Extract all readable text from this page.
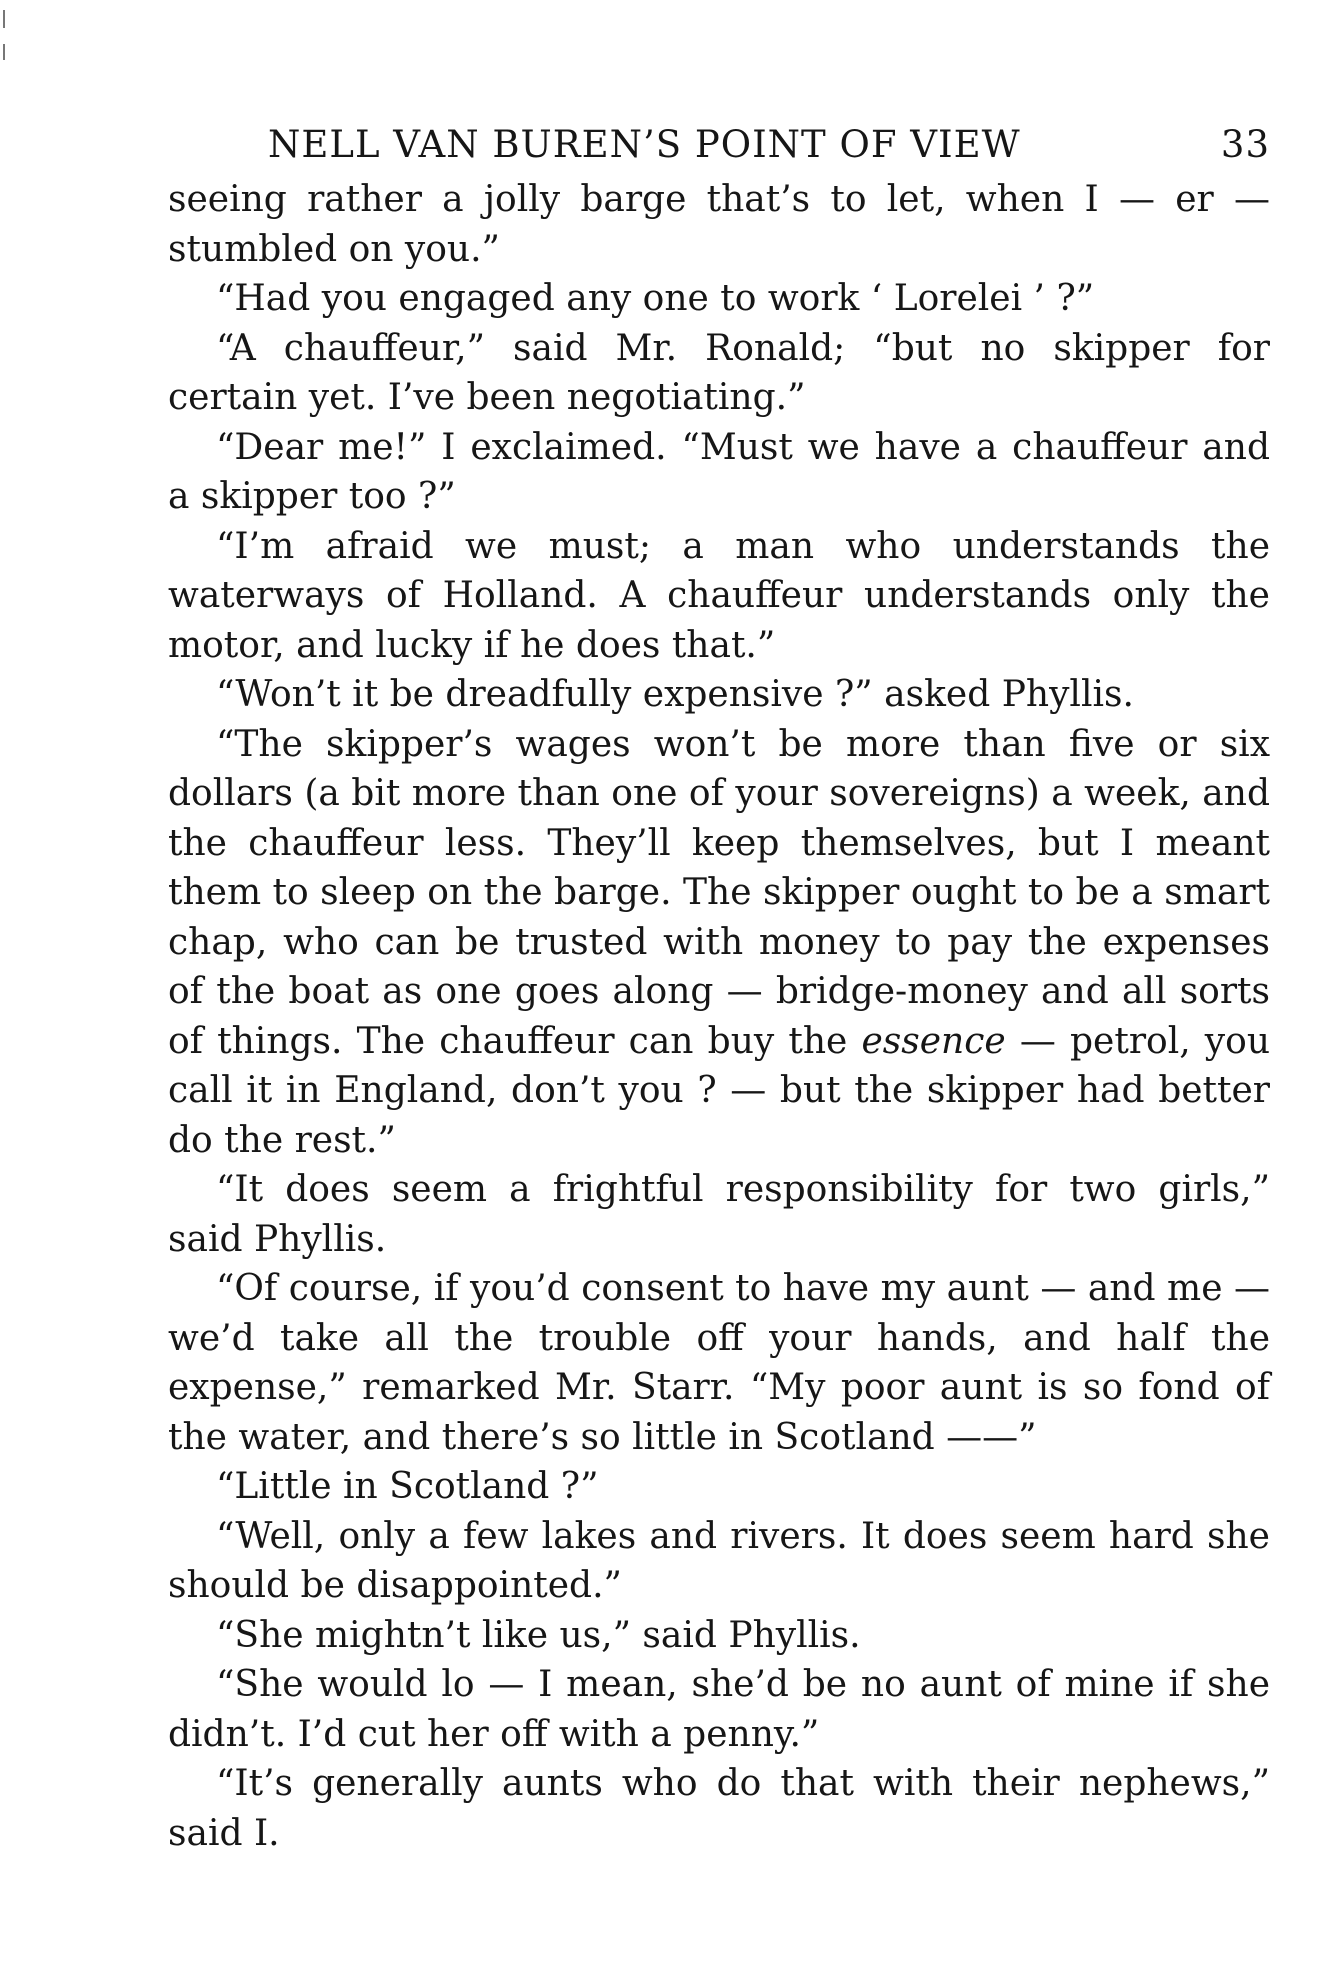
NELL VAN BUREN’S POINT OF VIEW	33

seeing rather a jolly barge that’s to let, when I — er — stumbled on you.”

“Had you engaged any one to work ‘ Lorelei ’ ?”

“A chauffeur,” said Mr. Ronald; “but no skipper for certain yet. I’ve been negotiating.”

“Dear me!” I exclaimed. “Must we have a chauffeur and a skipper too ?”

“I’m afraid we must; a man who understands the waterways of Holland. A chauffeur understands only the motor, and lucky if he does that.”

“Won’t it be dreadfully expensive ?” asked Phyllis.

“The skipper’s wages won’t be more than five or six dollars (a bit more than one of your sovereigns) a week, and the chauffeur less. They’ll keep themselves, but I meant them to sleep on the barge. The skipper ought to be a smart chap, who can be trusted with money to pay the expenses of the boat as one goes along — bridge-money and all sorts of things. The chauffeur can buy the essence — petrol, you call it in England, don’t you ? — but the skipper had better do the rest.”

“It does seem a frightful responsibility for two girls,” said Phyllis.

“Of course, if you’d consent to have my aunt — and me — we’d take all the trouble off your hands, and half the expense,” remarked Mr. Starr. “My poor aunt is so fond of the water, and there’s so little in Scotland ——”

“Little in Scotland ?”

“Well, only a few lakes and rivers. It does seem hard she should be disappointed.”

“She mightn’t like us,” said Phyllis.

“She would lo — I mean, she’d be no aunt of mine if she didn’t. I’d cut her off with a penny.”

“It’s generally aunts who do that with their nephews,” said I.
